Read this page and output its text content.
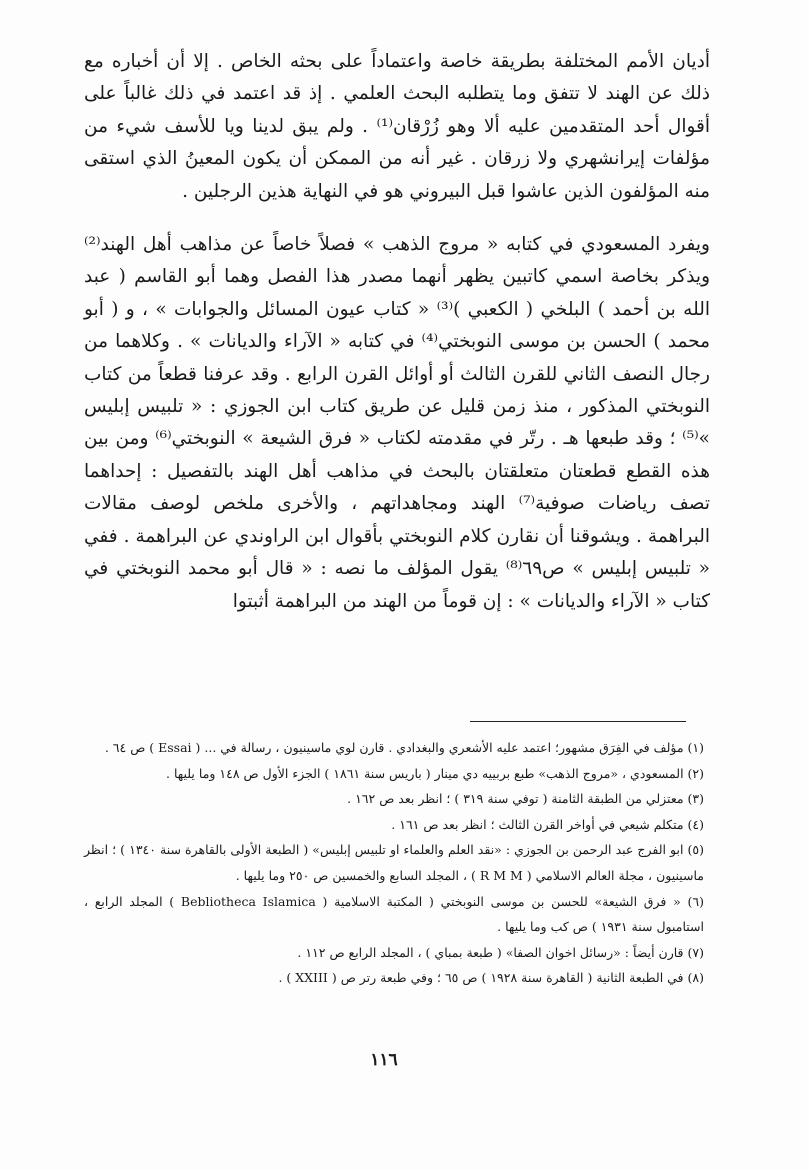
أديان الأمم المختلفة بطريقة خاصة واعتماداً على بحثه الخاص . إلا أن أخباره مع ذلك عن الهند لا تتفق وما يتطلبه البحث العلمي . إذ قد اعتمد في ذلك غالباً على أقوال أحد المتقدمين عليه ألا وهو زُرْقان⁽¹⁾ . ولم يبق لدينا ويا للأسف شيء من مؤلفات إيرانشهري ولا زرقان . غير أنه من الممكن أن يكون المعينُ الذي استقى منه المؤلفون الذين عاشوا قبل البيروني هو في النهاية هذين الرجلين .

ويفرد المسعودي في كتابه « مروج الذهب » فصلاً خاصاً عن مذاهب أهل الهند⁽²⁾ ويذكر بخاصة اسمي كاتبين يظهر أنهما مصدر هذا الفصل وهما أبو القاسم ( عبد الله بن أحمد ) البلخي ( الكعبي )⁽³⁾ « كتاب عيون المسائل والجوابات » ، و ( أبو محمد ) الحسن بن موسى النوبختي⁽⁴⁾ في كتابه « الآراء والديانات » . وكلاهما من رجال النصف الثاني للقرن الثالث أو أوائل القرن الرابع . وقد عرفنا قطعاً من كتاب النوبختي المذكور ، منذ زمن قليل عن طريق كتاب ابن الجوزي : « تلبيس إبليس »⁽⁵⁾ ؛ وقد طبعها هـ . رتّر في مقدمته لكتاب « فرق الشيعة » النوبختي⁽⁶⁾ ومن بين هذه القطع قطعتان متعلقتان بالبحث في مذاهب أهل الهند بالتفصيل : إحداهما تصف رياضات صوفية⁽⁷⁾ الهند ومجاهداتهم ، والأخرى ملخص لوصف مقالات البراهمة . ويشوقنا أن نقارن كلام النوبختي بأقوال ابن الراوندي عن البراهمة . ففي « تلبيس إبليس » ص٦٩⁽⁸⁾ يقول المؤلف ما نصه : « قال أبو محمد النوبختي في كتاب « الآراء والديانات » : إن قوماً من الهند من البراهمة أثبتوا

(١) مؤلف في الفِرَق مشهور؛ اعتمد عليه الأشعري والبغدادي . قارن لوي ماسينيون ، رسالة في ... ( Essai ) ص ٦٤ .

(٢) المسعودي ، «مروج الذهب» طبع بربييه دي مينار ( باريس سنة ١٨٦١ ) الجزء الأول ص ١٤٨ وما يليها .

(٣) معتزلي من الطبقة الثامنة ( توفي سنة ٣١٩ ) ؛ انظر بعد ص ١٦٢ .

(٤) متكلم شيعي في أواخر القرن الثالث ؛ انظر بعد ص ١٦١ .

(٥) ابو الفرج عبد الرحمن بن الجوزي : «نقد العلم والعلماء او تلبيس إبليس» ( الطبعة الأولى بالقاهرة سنة ١٣٤٠ ) ؛ انظر ماسينيون ، مجلة العالم الاسلامي ( R M M ) ، المجلد السابع والخمسين ص ٢٥٠ وما يليها .

(٦) « فرق الشيعة» للحسن بن موسى النوبختي ( المكتبة الاسلامية ( Bebliotheca Islamica ) المجلد الرابع ، استامبول سنة ١٩٣١ ) ص كب وما يليها .

(٧) قارن أيضاً : «رسائل اخوان الصفا» ( طبعة بمباي ) ، المجلد الرابع ص ١١٢ .

(٨) في الطبعة الثانية ( القاهرة سنة ١٩٢٨ ) ص ٦٥ ؛ وفي طبعة رتر ص ( XXIII ) .

١١٦
